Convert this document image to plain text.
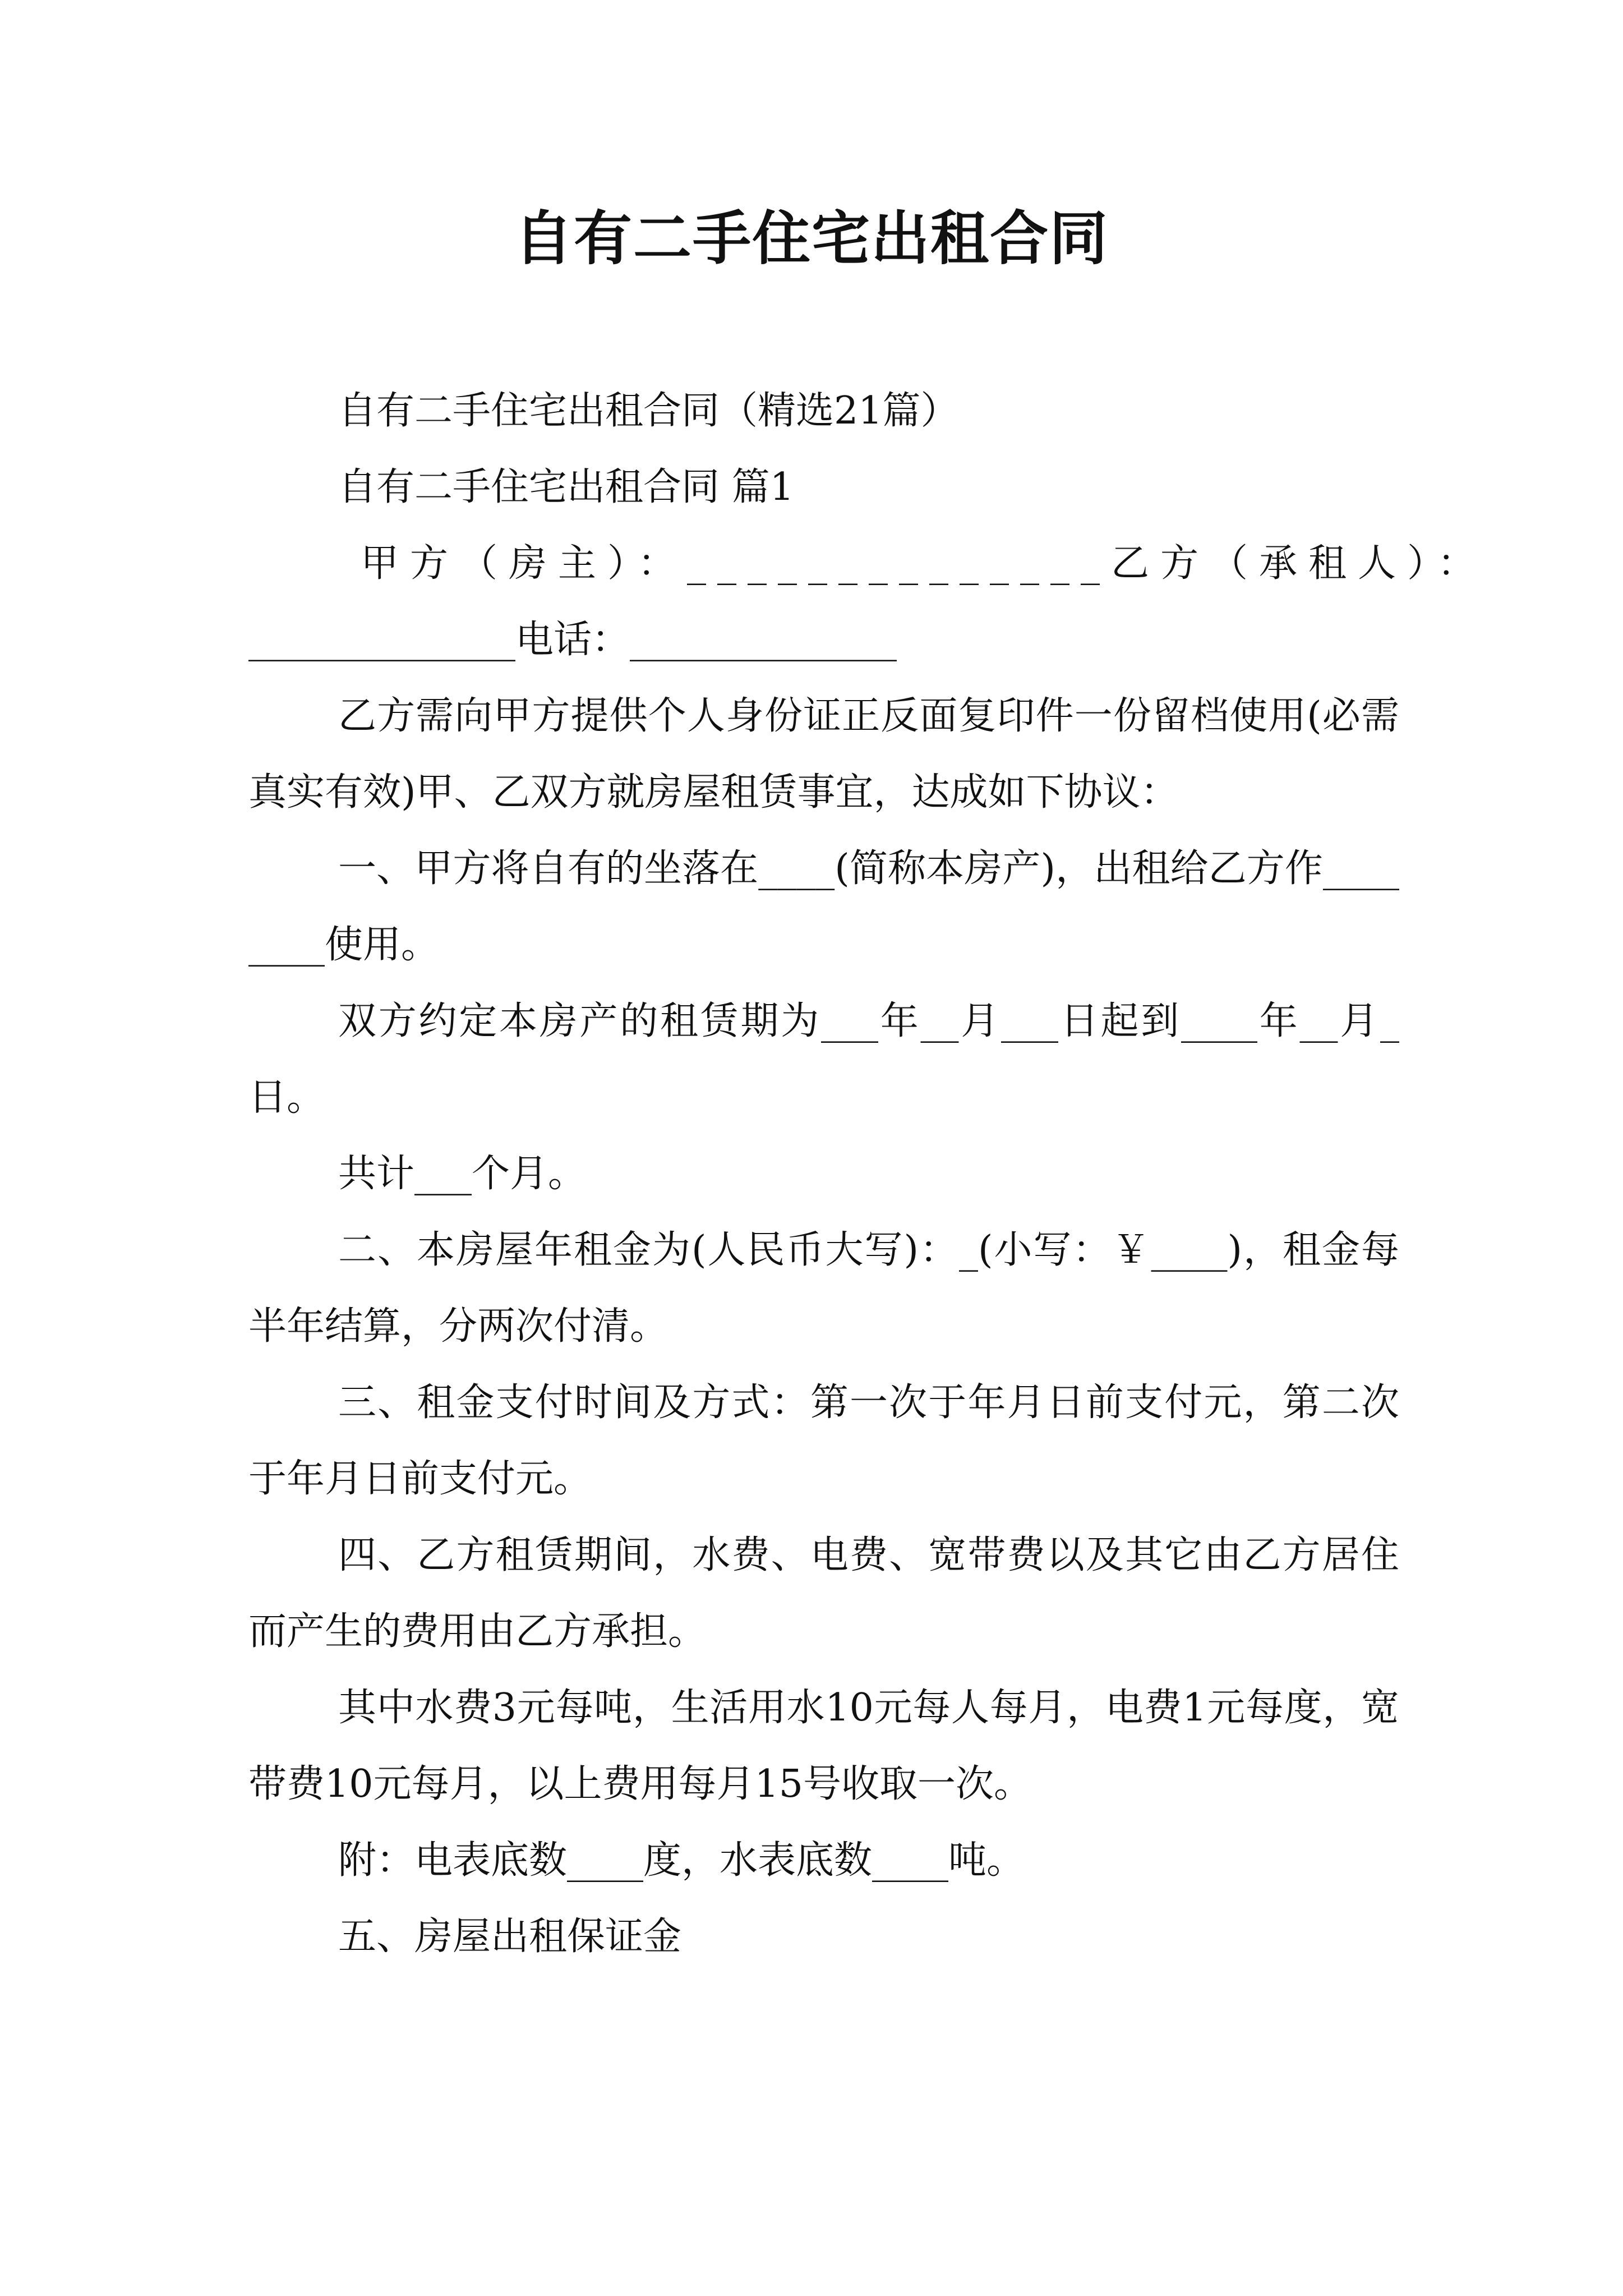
自有二手住宅出租合同

自有二手住宅出租合同（精选21篇）

自有二手住宅出租合同 篇1

甲方（房主）：______________乙方（承租人）：

______________电话：______________

乙方需向甲方提供个人身份证正反面复印件一份留档使用(必需真实有效)甲、乙双方就房屋租赁事宜，达成如下协议：

一、甲方将自有的坐落在____(简称本房产)，出租给乙方作________使用。

双方约定本房产的租赁期为___年__月___日起到____年__月_日。

共计___个月。

二、本房屋年租金为(人民币大写)：_(小写：￥____)，租金每半年结算，分两次付清。

三、租金支付时间及方式：第一次于年月日前支付元，第二次于年月日前支付元。

四、乙方租赁期间，水费、电费、宽带费以及其它由乙方居住而产生的费用由乙方承担。

其中水费3元每吨，生活用水10元每人每月，电费1元每度，宽带费10元每月，以上费用每月15号收取一次。

附：电表底数____度，水表底数____吨。

五、房屋出租保证金
